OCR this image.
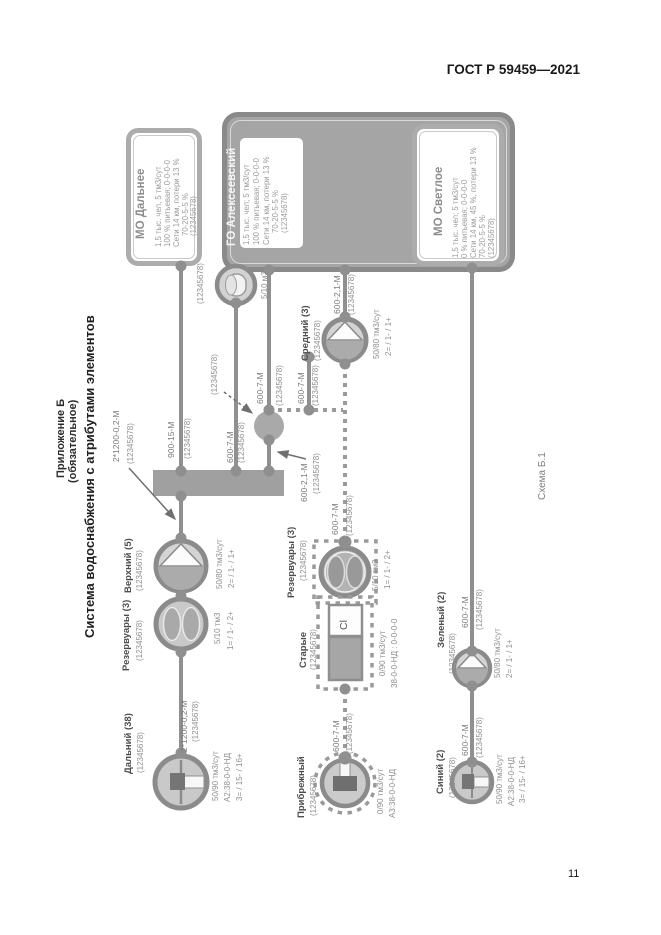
ГОСТ Р 59459—2021
11
Приложение Б (обязательное) Система водоснабжения с атрибутами элементов	Схема Б.1
МО Дальнее 1,5 тыс. чел, 5 тм3/сут 100 % питьевая; 0-0-0-0 Сети 14 км, потери 13 % 70-20-5-5 % (12345678) ГО Алексеевский 1,5 тыс. чел; 5 тм3/сут 100 % питьевая; 0-0-0-0 Сети 14 км, потери 13 % 70-20-5-5 % (12345678)	МО Светлое 1,5 тыс. чел; 5 тм3/сут 0 % питьевая; 0-0-0-0 Сети 14 км, 45 %, потери 13 % 70-20-5-5 % (12345678)
900-15-М (12345678)
2*1200-0,2-М (12345678)
2*1200-0,2-М (12345678)
600-7-М (12345678)
600-7-М (12345678) 600-7-М (12345678)
600-2,1-М (12345678)
600-2,1-М (12345678)
600-7-М (12345678)
600-7-М (12345678)
600-7-М (12345678)
600-7-М (12345678)
(12345678)	5/10 м3
(12345678)
Средний (3) (12345678)	50/80 тм3/сут 2= / 1- / 1+
Верхний (5) (12345678)	50/80 тм3/сут 2= / 1- / 1+
Резервуары (3) (12345678)	5/10 тм3 1= / 1- / 2+
Дальний (38) (12345678)	50/90 тм3/сут А2:38-0-0-НД 3= / 15- / 16+
Резервуары (3) (12345678)	5/10 тм3 1= / 1- / 2+
Старые (12345678)	0/90 тм3/сут 38-0-0-НД : 0-0-0-0
Cl
Прибрежный (12345678)	0/90 тм3/сут А3:38-0-0-НД
Зеленый (2)
(12345678)	50/80 тм3/сут 2= / 1- / 1+
Синий (2) (12345678)	50/90 тм3/сут А2:38-0-0-НД 3= / 15- / 16+
